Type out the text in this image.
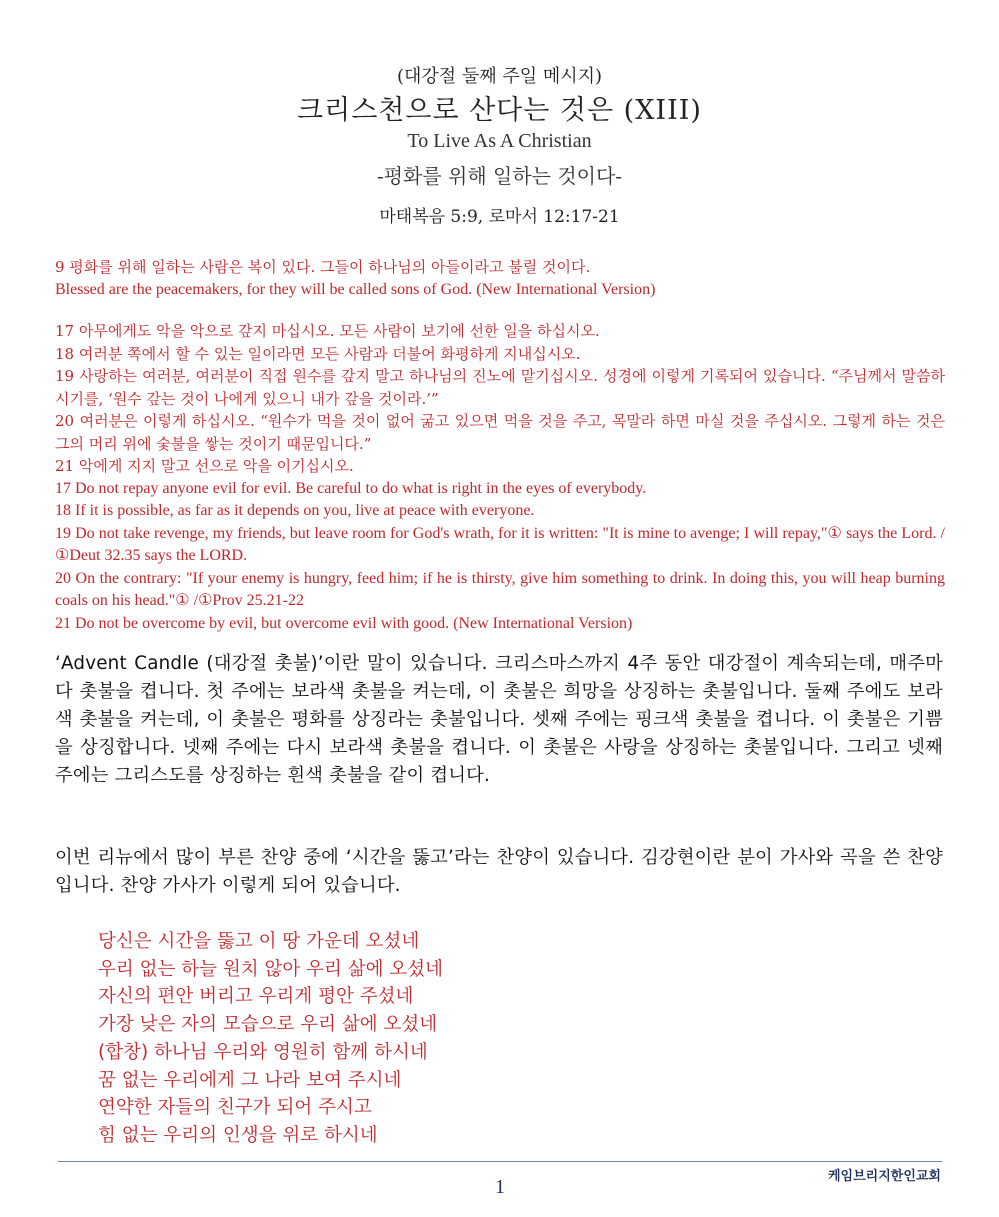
(대강절 둘째 주일 메시지)
크리스천으로 산다는 것은 (XIII)
To Live As A Christian
-평화를 위해 일하는 것이다-
마태복음 5:9, 로마서 12:17-21

9 평화를 위해 일하는 사람은 복이 있다. 그들이 하나님의 아들이라고 불릴 것이다.

Blessed are the peacemakers, for they will be called sons of God. (New International Version)

17 아무에게도 악을 악으로 갚지 마십시오. 모든 사람이 보기에 선한 일을 하십시오.

18 여러분 쪽에서 할 수 있는 일이라면 모든 사람과 더불어 화평하게 지내십시오.

19 사랑하는 여러분, 여러분이 직접 원수를 갚지 말고 하나님의 진노에 맡기십시오. 성경에 이렇게 기록되어 있습니다. “주님께서 말씀하시기를, ‘원수 갚는 것이 나에게 있으니 내가 갚을 것이라.’”

20 여러분은 이렇게 하십시오. “원수가 먹을 것이 없어 굶고 있으면 먹을 것을 주고, 목말라 하면 마실 것을 주십시오. 그렇게 하는 것은 그의 머리 위에 숯불을 쌓는 것이기 때문입니다.”

21 악에게 지지 말고 선으로 악을 이기십시오.

17 Do not repay anyone evil for evil. Be careful to do what is right in the eyes of everybody.

18 If it is possible, as far as it depends on you, live at peace with everyone.

19 Do not take revenge, my friends, but leave room for God's wrath, for it is written: "It is mine to avenge; I will repay,"① says the Lord. / ①Deut 32.35 says the LORD.

20 On the contrary: "If your enemy is hungry, feed him; if he is thirsty, give him something to drink. In doing this, you will heap burning coals on his head."① /①Prov 25.21-22

21 Do not be overcome by evil, but overcome evil with good. (New International Version)

‘Advent Candle (대강절 촛불)’이란 말이 있습니다. 크리스마스까지 4주 동안 대강절이 계속되는데, 매주마다 촛불을 켭니다. 첫 주에는 보라색 촛불을 켜는데, 이 촛불은 희망을 상징하는 촛불입니다. 둘째 주에도 보라색 촛불을 켜는데, 이 촛불은 평화를 상징라는 촛불입니다. 셋째 주에는 핑크색 촛불을 켭니다. 이 촛불은 기쁨을 상징합니다. 넷째 주에는 다시 보라색 촛불을 켭니다. 이 촛불은 사랑을 상징하는 촛불입니다. 그리고 넷째 주에는 그리스도를 상징하는 흰색 촛불을 같이 켭니다.

이번 리뉴에서 많이 부른 찬양 중에 ‘시간을 뚫고’라는 찬양이 있습니다. 김강현이란 분이 가사와 곡을 쓴 찬양입니다. 찬양 가사가 이렇게 되어 있습니다.

당신은 시간을 뚫고 이 땅 가운데 오셨네

우리 없는 하늘 원치 않아 우리 삶에 오셨네

자신의 편안 버리고 우리게 평안 주셨네

가장 낮은 자의 모습으로 우리 삶에 오셨네

(합창) 하나님 우리와 영원히 함께 하시네

꿈 없는 우리에게 그 나라 보여 주시네

연약한 자들의 친구가 되어 주시고

힘 없는 우리의 인생을 위로 하시네

1	케임브리지한인교회
